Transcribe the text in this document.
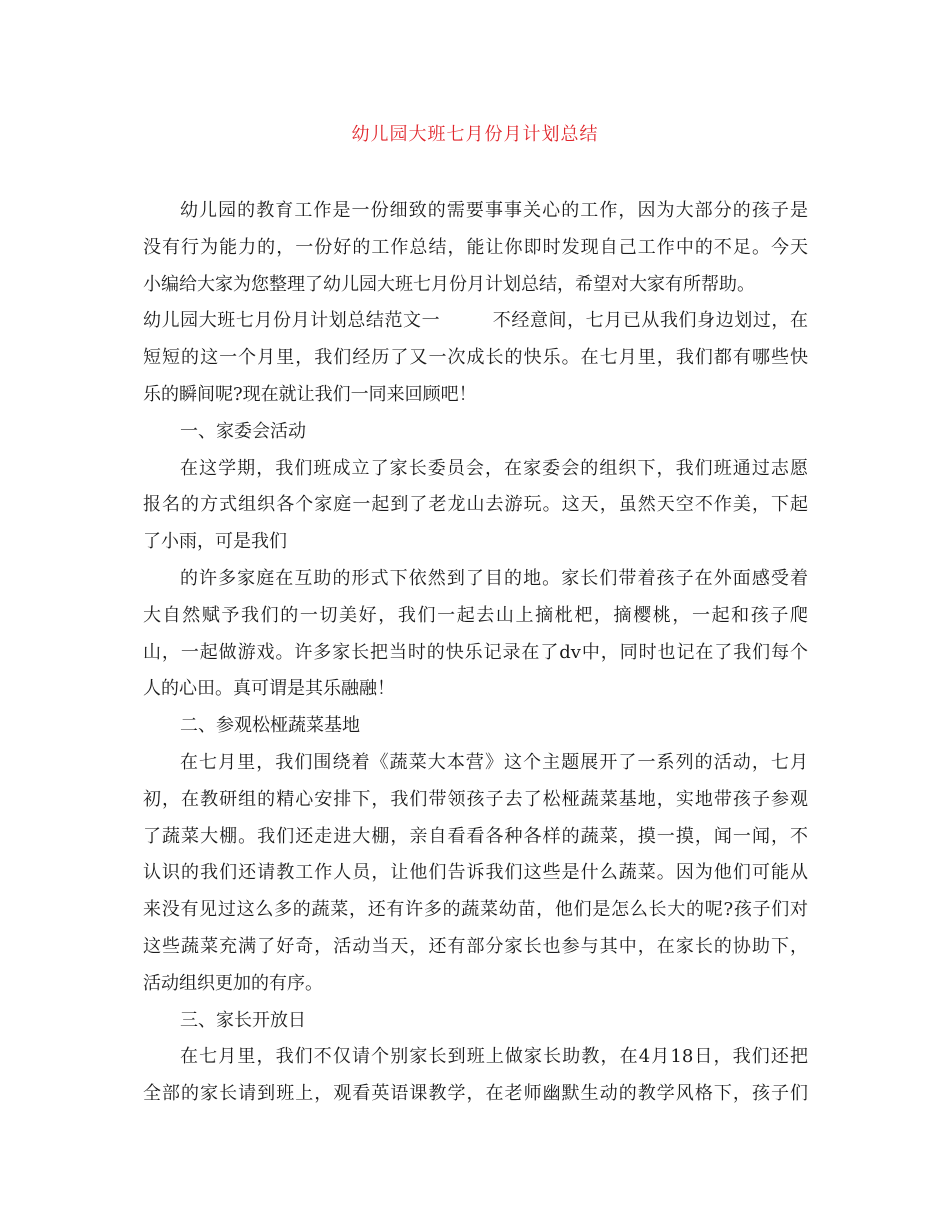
幼儿园大班七月份月计划总结
幼儿园的教育工作是一份细致的需要事事关心的工作，因为大部分的孩子是
没有行为能力的，一份好的工作总结，能让你即时发现自己工作中的不足。今天
小编给大家为您整理了幼儿园大班七月份月计划总结，希望对大家有所帮助。
幼儿园大班七月份月计划总结范文一	不经意间，七月已从我们身边划过，在
短短的这一个月里，我们经历了又一次成长的快乐。在七月里，我们都有哪些快
乐的瞬间呢?现在就让我们一同来回顾吧！
一、家委会活动
在这学期，我们班成立了家长委员会，在家委会的组织下，我们班通过志愿
报名的方式组织各个家庭一起到了老龙山去游玩。这天，虽然天空不作美，下起
了小雨，可是我们
的许多家庭在互助的形式下依然到了目的地。家长们带着孩子在外面感受着
大自然赋予我们的一切美好，我们一起去山上摘枇杷，摘樱桃，一起和孩子爬
山，一起做游戏。许多家长把当时的快乐记录在了dv中，同时也记在了我们每个
人的心田。真可谓是其乐融融！
二、参观松桠蔬菜基地
在七月里，我们围绕着《蔬菜大本营》这个主题展开了一系列的活动，七月
初，在教研组的精心安排下，我们带领孩子去了松桠蔬菜基地，实地带孩子参观
了蔬菜大棚。我们还走进大棚，亲自看看各种各样的蔬菜，摸一摸，闻一闻，不
认识的我们还请教工作人员，让他们告诉我们这些是什么蔬菜。因为他们可能从
来没有见过这么多的蔬菜，还有许多的蔬菜幼苗，他们是怎么长大的呢?孩子们对
这些蔬菜充满了好奇，活动当天，还有部分家长也参与其中，在家长的协助下，
活动组织更加的有序。
三、家长开放日
在七月里，我们不仅请个别家长到班上做家长助教，在4月18日，我们还把
全部的家长请到班上，观看英语课教学，在老师幽默生动的教学风格下，孩子们
